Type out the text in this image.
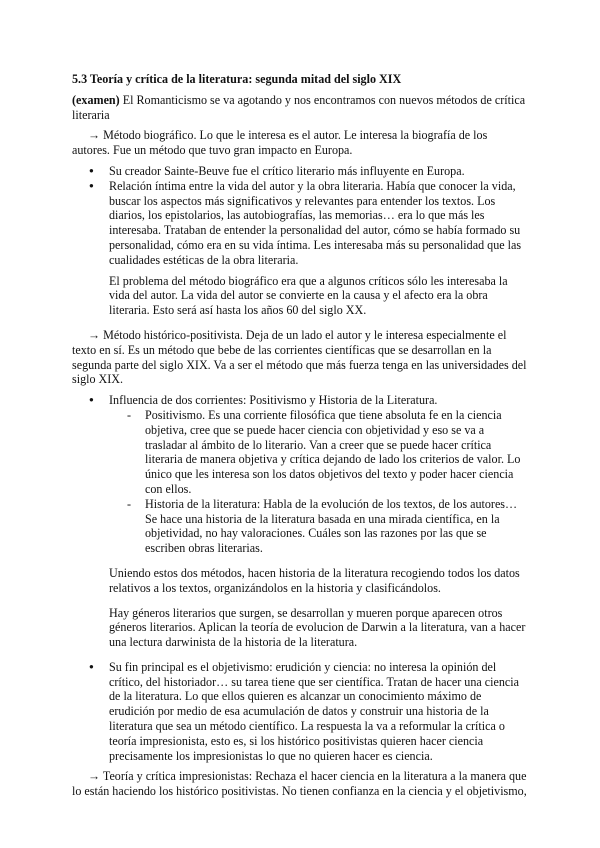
5.3 Teoría y crítica de la literatura: segunda mitad del siglo XIX

(examen) El Romanticismo se va agotando y nos encontramos con nuevos métodos de crítica literaria

→ Método biográfico. Lo que le interesa es el autor. Le interesa la biografía de los autores. Fue un método que tuvo gran impacto en Europa.

● Su creador Sainte-Beuve fue el crítico literario más influyente en Europa.
● Relación íntima entre la vida del autor y la obra literaria. Había que conocer la vida, buscar los aspectos más significativos y relevantes para entender los textos. Los diarios, los epistolarios, las autobiografías, las memorias… era lo que más les interesaba. Trataban de entender la personalidad del autor, cómo se había formado su personalidad, cómo era en su vida íntima. Les interesaba más su personalidad que las cualidades estéticas de la obra literaria.

El problema del método biográfico era que a algunos críticos sólo les interesaba la vida del autor. La vida del autor se convierte en la causa y el afecto era la obra literaria. Esto será así hasta los años 60 del siglo XX.

→ Método histórico-positivista. Deja de un lado el autor y le interesa especialmente el texto en sí. Es un método que bebe de las corrientes científicas que se desarrollan en la segunda parte del siglo XIX. Va a ser el método que más fuerza tenga en las universidades del siglo XIX.

● Influencia de dos corrientes: Positivismo y Historia de la Literatura.
- Positivismo. Es una corriente filosófica que tiene absoluta fe en la ciencia objetiva, cree que se puede hacer ciencia con objetividad y eso se va a trasladar al ámbito de lo literario. Van a creer que se puede hacer crítica literaria de manera objetiva y crítica dejando de lado los criterios de valor. Lo único que les interesa son los datos objetivos del texto y poder hacer ciencia con ellos.
- Historia de la literatura: Habla de la evolución de los textos, de los autores… Se hace una historia de la literatura basada en una mirada científica, en la objetividad, no hay valoraciones. Cuáles son las razones por las que se escriben obras literarias.

Uniendo estos dos métodos, hacen historia de la literatura recogiendo todos los datos relativos a los textos, organizándolos en la historia y clasificándolos.

Hay géneros literarios que surgen, se desarrollan y mueren porque aparecen otros géneros literarios. Aplican la teoría de evolucion de Darwin a la literatura, van a hacer una lectura darwinista de la historia de la literatura.

● Su fin principal es el objetivismo: erudición y ciencia: no interesa la opinión del crítico, del historiador… su tarea tiene que ser científica. Tratan de hacer una ciencia de la literatura. Lo que ellos quieren es alcanzar un conocimiento máximo de erudición por medio de esa acumulación de datos y construir una historia de la literatura que sea un método científico. La respuesta la va a reformular la crítica o teoría impresionista, esto es, si los histórico positivistas quieren hacer ciencia precisamente los impresionistas lo que no quieren hacer es ciencia.

→ Teoría y crítica impresionistas: Rechaza el hacer ciencia en la literatura a la manera que lo están haciendo los histórico positivistas. No tienen confianza en la ciencia y el objetivismo,
